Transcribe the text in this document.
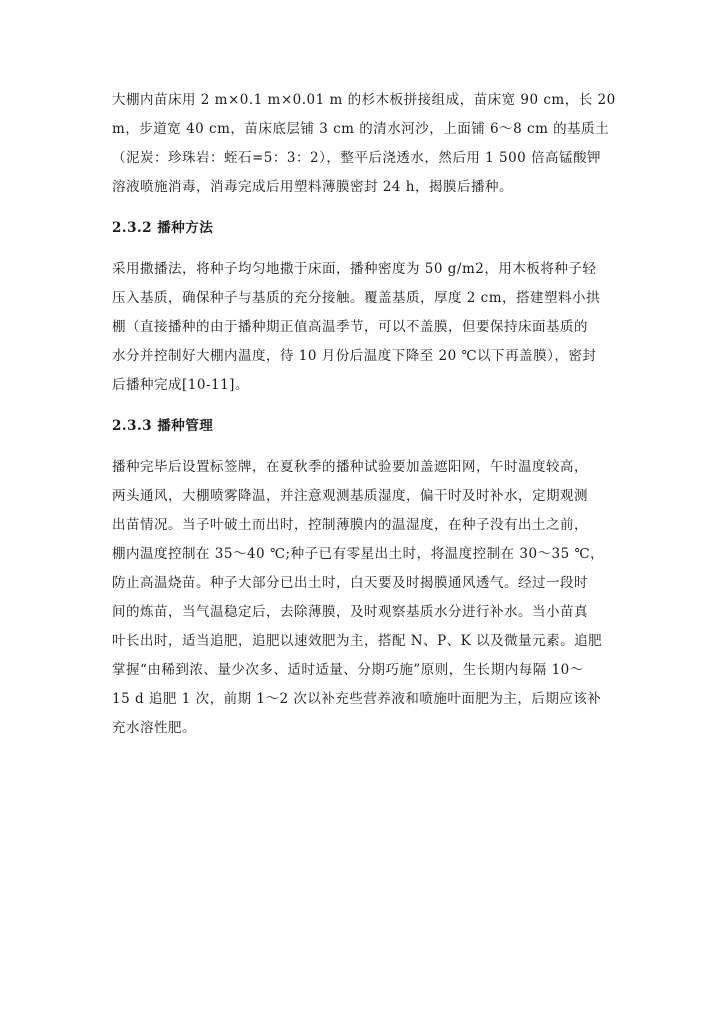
大棚内苗床用 2 m×0.1 m×0.01 m 的杉木板拼接组成，苗床宽 90 cm，长 20
m，步道宽 40 cm，苗床底层铺 3 cm 的清水河沙，上面铺 6～8 cm 的基质土
（泥炭：珍珠岩：蛭石=5：3：2），整平后浇透水，然后用 1 500 倍高锰酸钾
溶液喷施消毒，消毒完成后用塑料薄膜密封 24 h，揭膜后播种。

2.3.2 播种方法

采用撒播法，将种子均匀地撒于床面，播种密度为 50 g/m2，用木板将种子轻
压入基质，确保种子与基质的充分接触。覆盖基质，厚度 2 cm，搭建塑料小拱
棚（直接播种的由于播种期正值高温季节，可以不盖膜，但要保持床面基质的
水分并控制好大棚内温度，待 10 月份后温度下降至 20 ℃以下再盖膜），密封
后播种完成[10-11]。

2.3.3 播种管理

播种完毕后设置标签牌，在夏秋季的播种试验要加盖遮阳网，午时温度较高，
两头通风，大棚喷雾降温，并注意观测基质湿度，偏干时及时补水，定期观测
出苗情况。当子叶破土而出时，控制薄膜内的温湿度，在种子没有出土之前，
棚内温度控制在 35～40 ℃;种子已有零星出土时，将温度控制在 30～35 ℃，
防止高温烧苗。种子大部分已出土时，白天要及时揭膜通风透气。经过一段时
间的炼苗，当气温稳定后，去除薄膜，及时观察基质水分进行补水。当小苗真
叶长出时，适当追肥，追肥以速效肥为主，搭配 N、P、K 以及微量元素。追肥
掌握“由稀到浓、量少次多、适时适量、分期巧施”原则，生长期内每隔 10～
15 d 追肥 1 次，前期 1～2 次以补充些营养液和喷施叶面肥为主，后期应该补
充水溶性肥。
